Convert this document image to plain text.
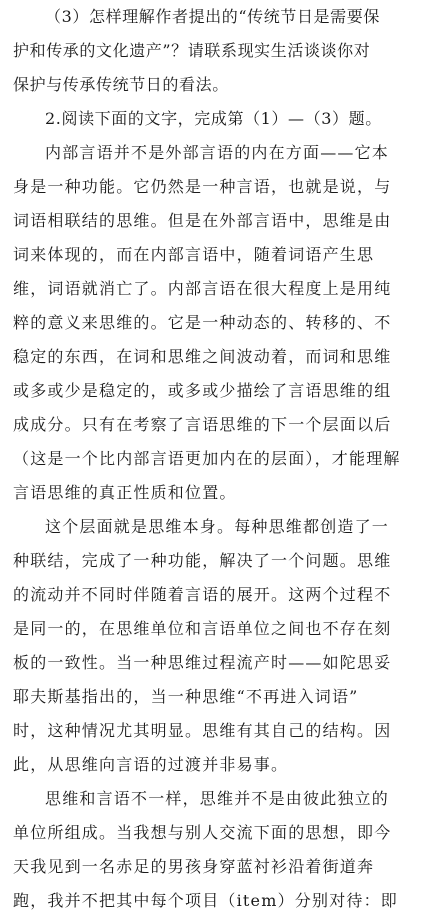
（3）怎样理解作者提出的“传统节日是需要保
护和传承的文化遗产”？请联系现实生活谈谈你对
保护与传承传统节日的看法。
2.阅读下面的文字，完成第（1）—（3）题。
内部言语并不是外部言语的内在方面——它本
身是一种功能。它仍然是一种言语，也就是说，与
词语相联结的思维。但是在外部言语中，思维是由
词来体现的，而在内部言语中，随着词语产生思
维，词语就消亡了。内部言语在很大程度上是用纯
粹的意义来思维的。它是一种动态的、转移的、不
稳定的东西，在词和思维之间波动着，而词和思维
或多或少是稳定的，或多或少描绘了言语思维的组
成成分。只有在考察了言语思维的下一个层面以后
（这是一个比内部言语更加内在的层面），才能理解
言语思维的真正性质和位置。
这个层面就是思维本身。每种思维都创造了一
种联结，完成了一种功能，解决了一个问题。思维
的流动并不同时伴随着言语的展开。这两个过程不
是同一的，在思维单位和言语单位之间也不存在刻
板的一致性。当一种思维过程流产时——如陀思妥
耶夫斯基指出的，当一种思维“不再进入词语”
时，这种情况尤其明显。思维有其自己的结构。因
此，从思维向言语的过渡并非易事。
思维和言语不一样，思维并不是由彼此独立的
单位所组成。当我想与别人交流下面的思想，即今
天我见到一名赤足的男孩身穿蓝衬衫沿着街道奔
跑，我并不把其中每个项目（item）分别对待：即
